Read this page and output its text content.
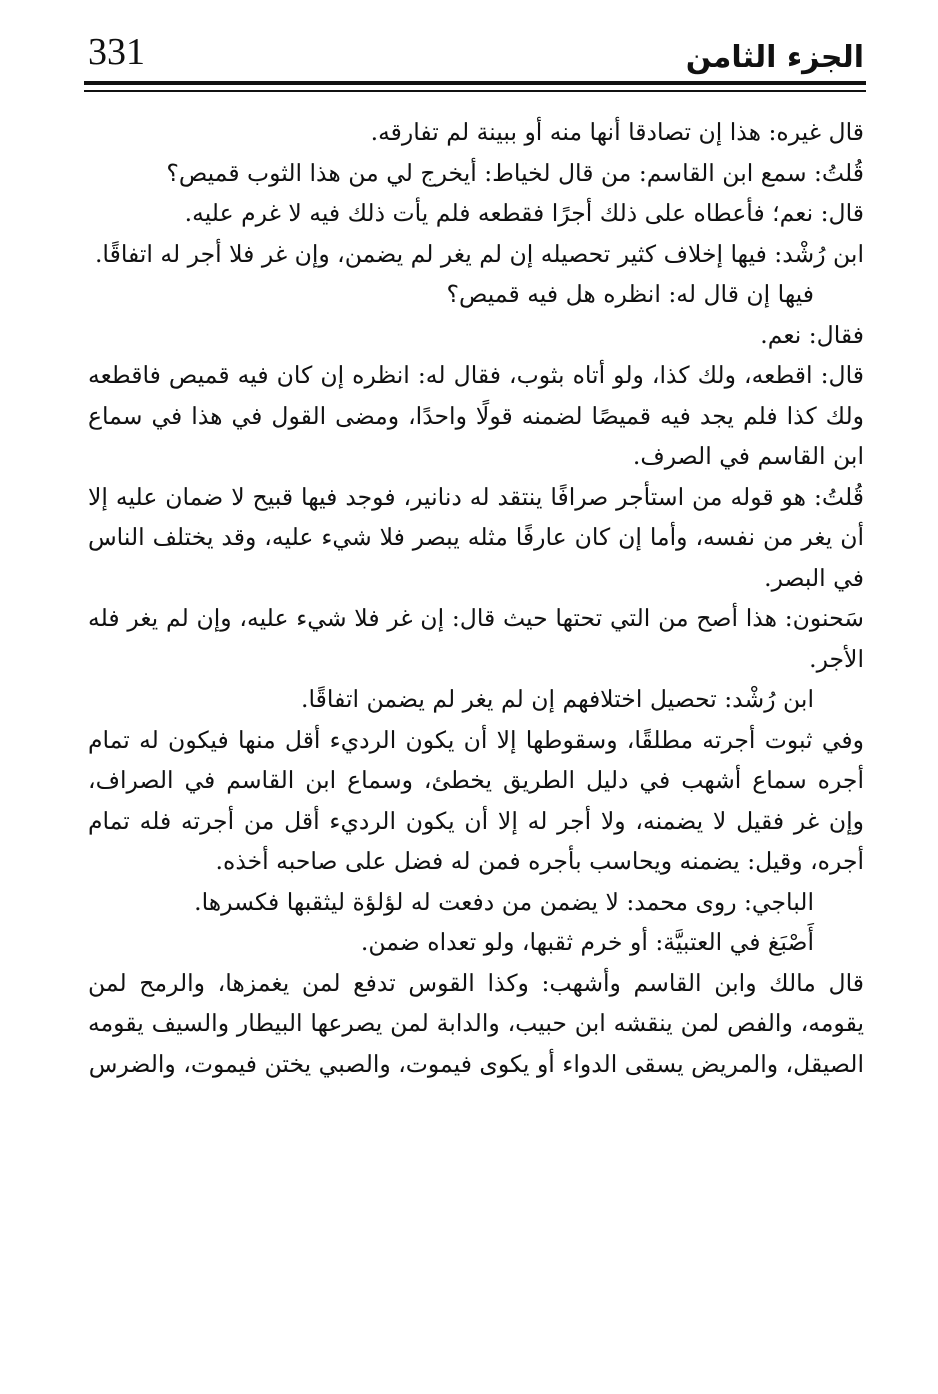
331	الجزء الثامن

قال غيره: هذا إن تصادقا أنها منه أو ببينة لم تفارقه.

قُلتُ: سمع ابن القاسم: من قال لخياط: أيخرج لي من هذا الثوب قميص؟

قال: نعم؛ فأعطاه على ذلك أجرًا فقطعه فلم يأت ذلك فيه لا غرم عليه.

ابن رُشْد: فيها إخلاف كثير تحصيله إن لم يغر لم يضمن، وإن غر فلا أجر له اتفاقًا.

فيها إن قال له: انظره هل فيه قميص؟

فقال: نعم.

قال: اقطعه، ولك كذا، ولو أتاه بثوب، فقال له: انظره إن كان فيه قميص فاقطعه ولك كذا فلم يجد فيه قميصًا لضمنه قولًا واحدًا، ومضى القول في هذا في سماع ابن القاسم في الصرف.

قُلتُ: هو قوله من استأجر صرافًا ينتقد له دنانير، فوجد فيها قبيح لا ضمان عليه إلا أن يغر من نفسه، وأما إن كان عارفًا مثله يبصر فلا شيء عليه، وقد يختلف الناس في البصر.

سَحنون: هذا أصح من التي تحتها حيث قال: إن غر فلا شيء عليه، وإن لم يغر فله الأجر.

ابن رُشْد: تحصيل اختلافهم إن لم يغر لم يضمن اتفاقًا.

وفي ثبوت أجرته مطلقًا، وسقوطها إلا أن يكون الرديء أقل منها فيكون له تمام أجره سماع أشهب في دليل الطريق يخطئ، وسماع ابن القاسم في الصراف، وإن غر فقيل لا يضمنه، ولا أجر له إلا أن يكون الرديء أقل من أجرته فله تمام أجره، وقيل: يضمنه ويحاسب بأجره فمن له فضل على صاحبه أخذه.

الباجي: روى محمد: لا يضمن من دفعت له لؤلؤة ليثقبها فكسرها.

أَصْبَغ في العتبيَّة: أو خرم ثقبها، ولو تعداه ضمن.

قال مالك وابن القاسم وأشهب: وكذا القوس تدفع لمن يغمزها، والرمح لمن يقومه، والفص لمن ينقشه ابن حبيب، والدابة لمن يصرعها البيطار والسيف يقومه الصيقل، والمريض يسقى الدواء أو يكوى فيموت، والصبي يختن فيموت، والضرس
